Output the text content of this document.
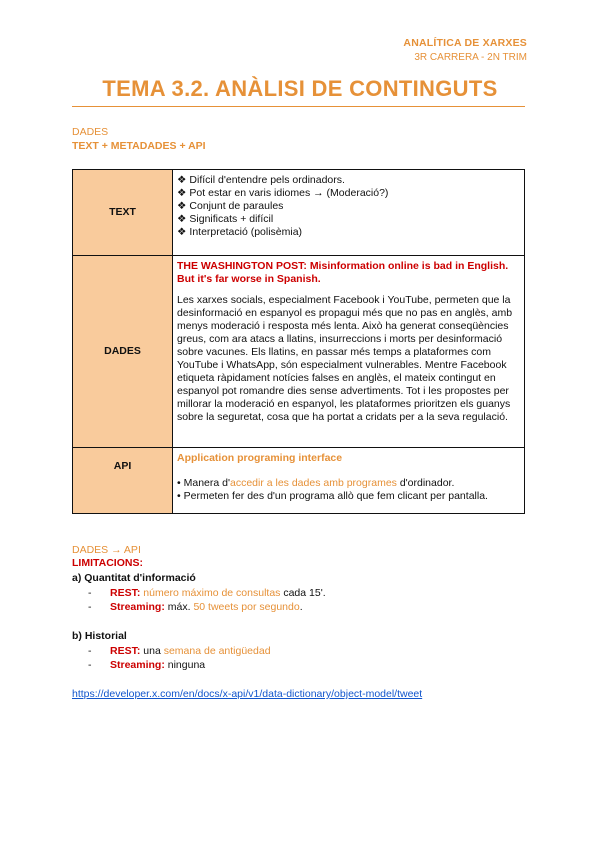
ANALÍTICA DE XARXES
3R CARRERA - 2N TRIM
TEMA 3.2. ANÀLISI DE CONTINGUTS
DADES
TEXT + METADADES + API
TEXT	❖ Difícil d'entendre pels ordinadors.
❖ Pot estar en varis idiomes → (Moderació?)
❖ Conjunt de paraules
❖ Significats + difícil
❖ Interpretació (polisèmia)

DADES	THE WASHINGTON POST: Misinformation online is bad in English. But it's far worse in Spanish.

Les xarxes socials, especialment Facebook i YouTube, permeten que la desinformació en espanyol es propagui més que no pas en anglès, amb menys moderació i resposta més lenta. Això ha generat conseqüències greus, com ara atacs a llatins, insurreccions i morts per desinformació sobre vacunes. Els llatins, en passar més temps a plataformes com YouTube i WhatsApp, són especialment vulnerables. Mentre Facebook etiqueta ràpidament notícies falses en anglès, el mateix contingut en espanyol pot romandre dies sense advertiments. Tot i les propostes per millorar la moderació en espanyol, les plataformes prioritzen els guanys sobre la seguretat, cosa que ha portat a cridats per a la seva regulació.

API	Application programing interface
• Manera d'accedir a les dades amb programes d'ordinador.
• Permeten fer des d'un programa allò que fem clicant per pantalla.
DADES → API
LIMITACIONS:
a) Quantitat d'informació
- REST: número máximo de consultas cada 15'.
- Streaming: máx. 50 tweets por segundo.
b) Historial
- REST: una semana de antigüedad
- Streaming: ninguna
https://developer.x.com/en/docs/x-api/v1/data-dictionary/object-model/tweet
